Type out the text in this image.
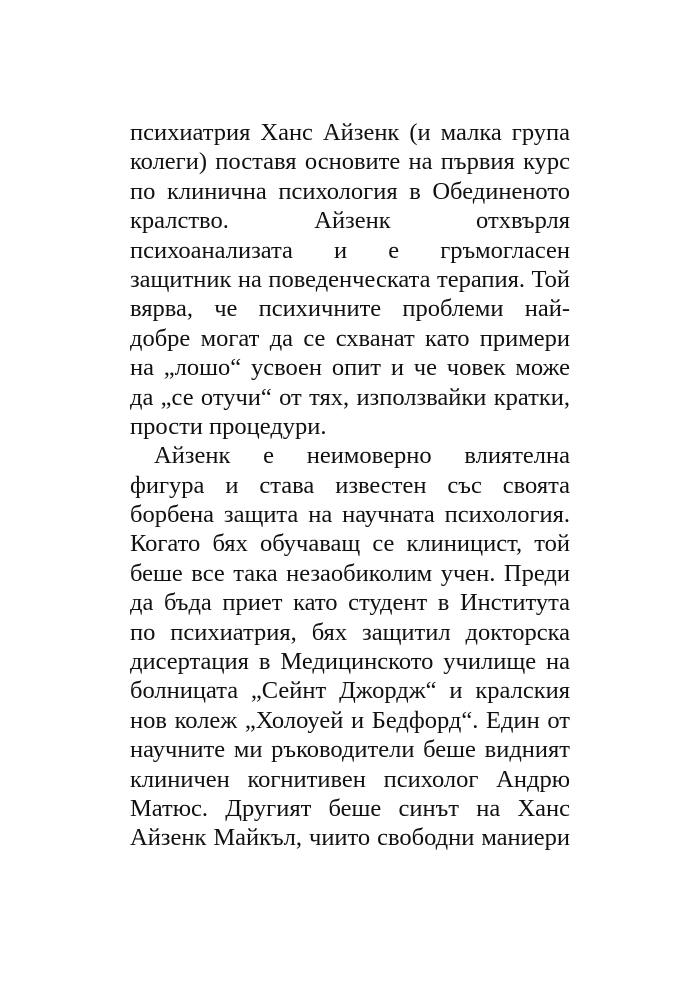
психиатрия Ханс Айзенк (и малка група
колеги) поставя основите на първия курс
по клинична психология в Обединеното
кралство. Айзенк отхвърля
психоанализата и е гръмогласен
защитник на поведенческата терапия. Той
вярва, че психичните проблеми най-
добре могат да се схванат като примери
на „лошо“ усвоен опит и че човек може
да „се отучи“ от тях, използвайки кратки,
прости процедури.
Айзенк е неимоверно влиятелна
фигура и става известен със своята
борбена защита на научната психология.
Когато бях обучаващ се клиницист, той
беше все така незаобиколим учен. Преди
да бъда приет като студент в Института
по психиатрия, бях защитил докторска
дисертация в Медицинското училище на
болницата „Сейнт Джордж“ и кралския
нов колеж „Холоуей и Бедфорд“. Един от
научните ми ръководители беше видният
клиничен когнитивен психолог Андрю
Матюс. Другият беше синът на Ханс
Айзенк Майкъл, чиито свободни маниери
